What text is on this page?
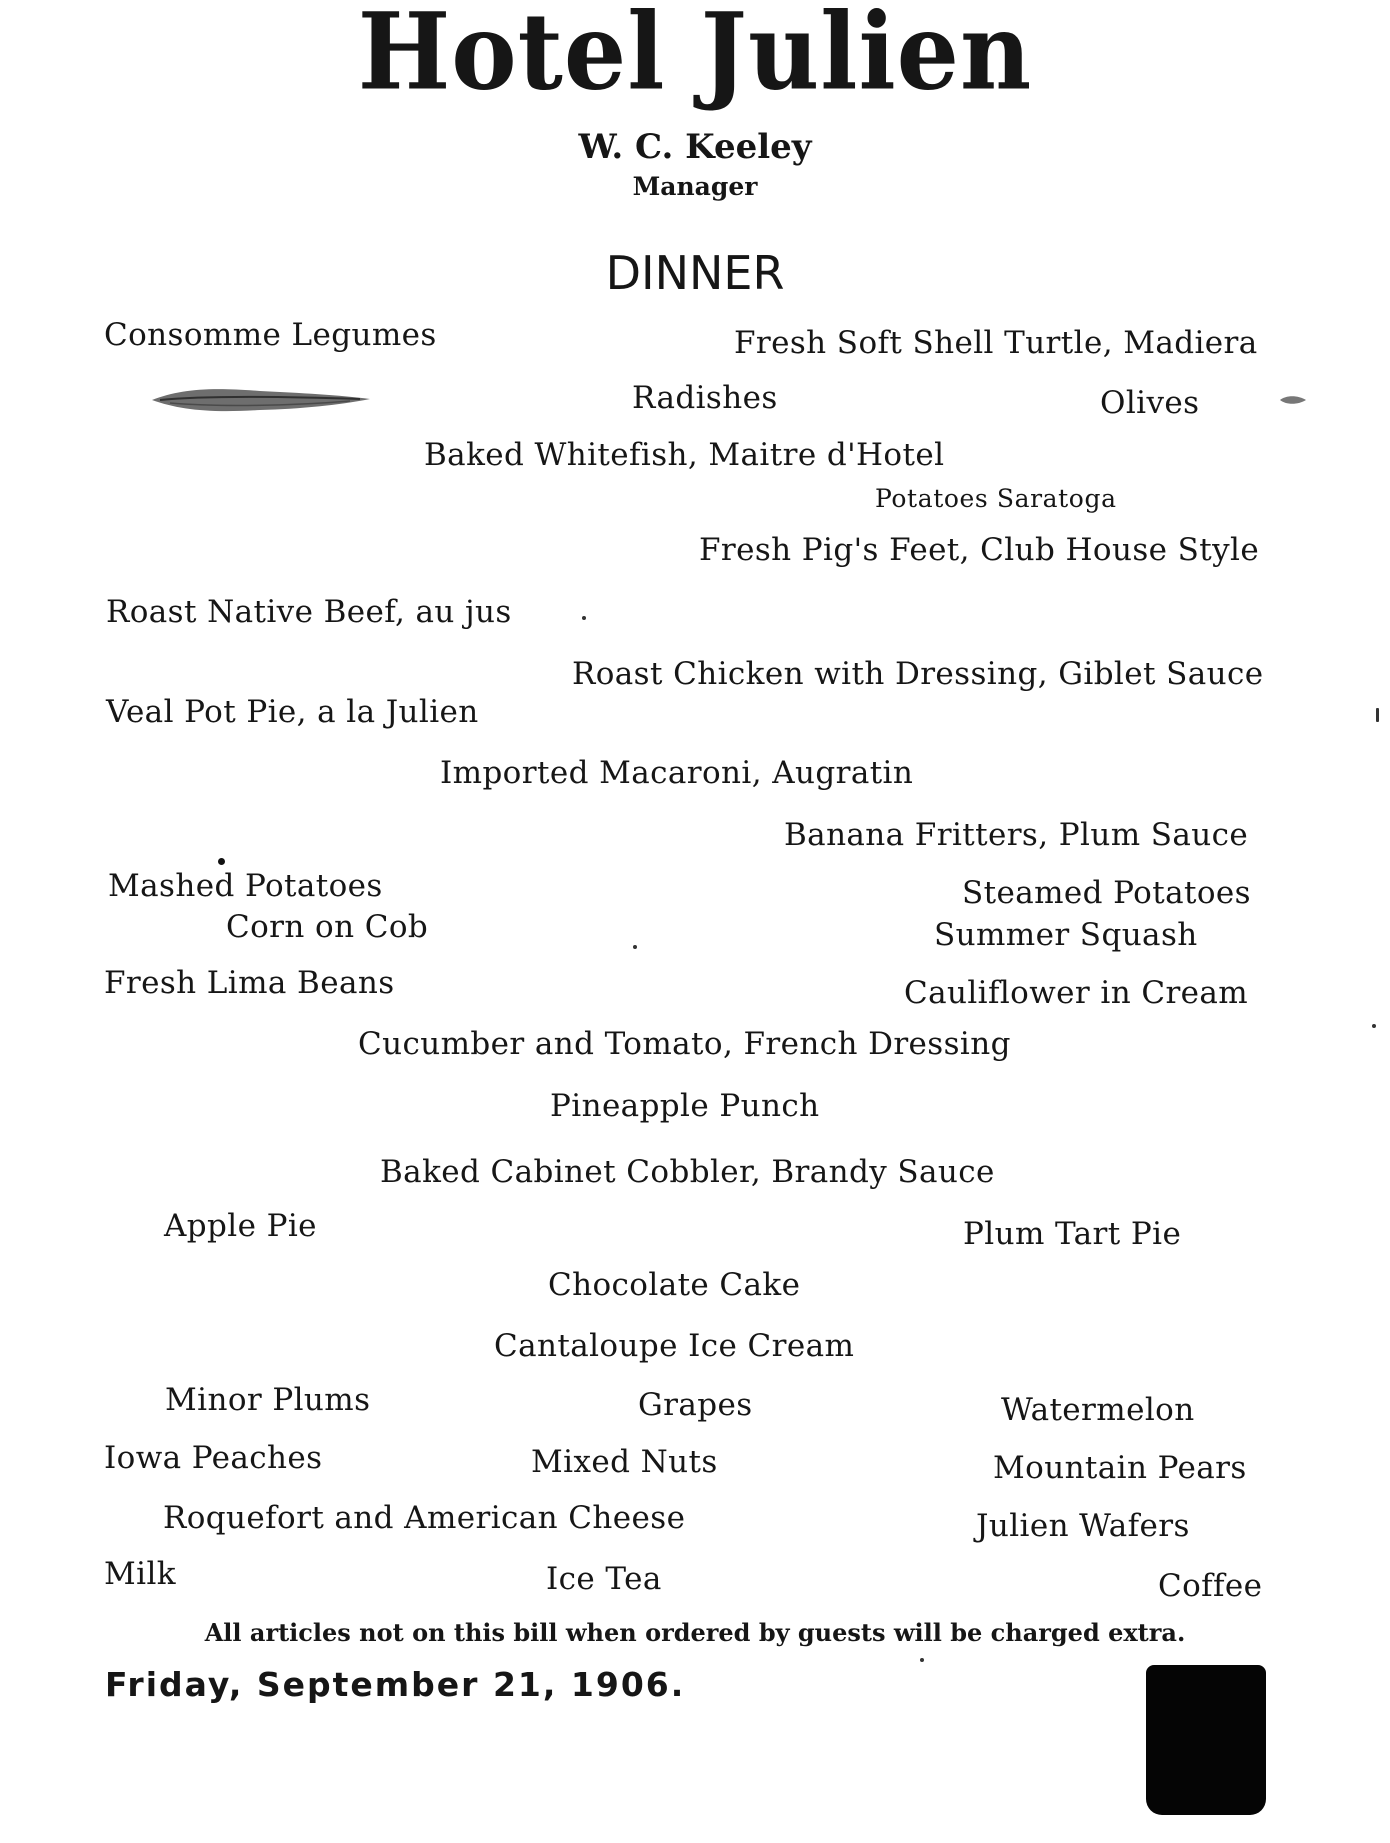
Hotel Julien
W. C. Keeley
Manager
DINNER
Consomme Legumes	Fresh Soft Shell Turtle, Madiera
Radishes	Olives
Baked Whitefish, Maitre d'Hotel
Potatoes Saratoga
Fresh Pig's Feet, Club House Style
Roast Native Beef, au jus
Roast Chicken with Dressing, Giblet Sauce
Veal Pot Pie, a la Julien
Imported Macaroni, Augratin
Banana Fritters, Plum Sauce
Mashed Potatoes	Steamed Potatoes
Corn on Cob	Summer Squash
Fresh Lima Beans	Cauliflower in Cream
Cucumber and Tomato, French Dressing
Pineapple Punch
Baked Cabinet Cobbler, Brandy Sauce
Apple Pie	Plum Tart Pie
Chocolate Cake
Cantaloupe Ice Cream
Minor Plums	Grapes	Watermelon
Iowa Peaches	Mixed Nuts	Mountain Pears
Roquefort and American Cheese	Julien Wafers
Milk	Ice Tea	Coffee
All articles not on this bill when ordered by guests will be charged extra.
Friday, September 21, 1906.
